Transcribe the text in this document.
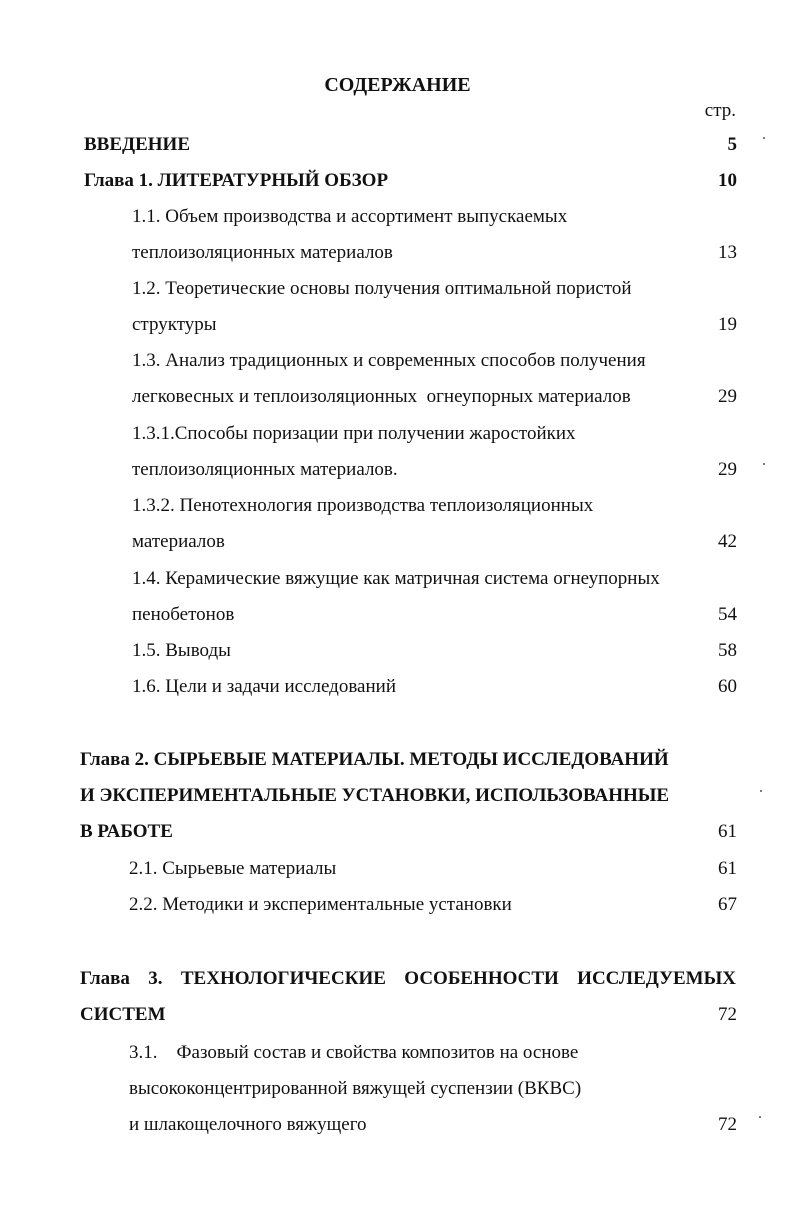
СОДЕРЖАНИЕ
стр.
ВВЕДЕНИЕ	5
Глава 1. ЛИТЕРАТУРНЫЙ ОБЗОР	10
1.1. Объем производства и ассортимент выпускаемых
теплоизоляционных материалов	13
1.2. Теоретические основы получения оптимальной пористой
структуры	19
1.3. Анализ традиционных и современных способов получения
легковесных и теплоизоляционных  огнеупорных материалов	29
1.3.1.Способы поризации при получении жаростойких
теплоизоляционных материалов.	29
1.3.2. Пенотехнология производства теплоизоляционных
материалов	42
1.4. Керамические вяжущие как матричная система огнеупорных
пенобетонов	54
1.5. Выводы	58
1.6. Цели и задачи исследований	60
Глава 2. СЫРЬЕВЫЕ МАТЕРИАЛЫ. МЕТОДЫ ИССЛЕДОВАНИЙ
И ЭКСПЕРИМЕНТАЛЬНЫЕ УСТАНОВКИ, ИСПОЛЬЗОВАННЫЕ
В РАБОТЕ	61
2.1. Сырьевые материалы	61
2.2. Методики и экспериментальные установки	67
Глава 3. ТЕХНОЛОГИЧЕСКИЕ ОСОБЕННОСТИ ИССЛЕДУЕМЫХ
СИСТЕМ	72
3.1.    Фазовый состав и свойства композитов на основе
высококонцентрированной вяжущей суспензии (ВКВС)
и шлакощелочного вяжущего	72
